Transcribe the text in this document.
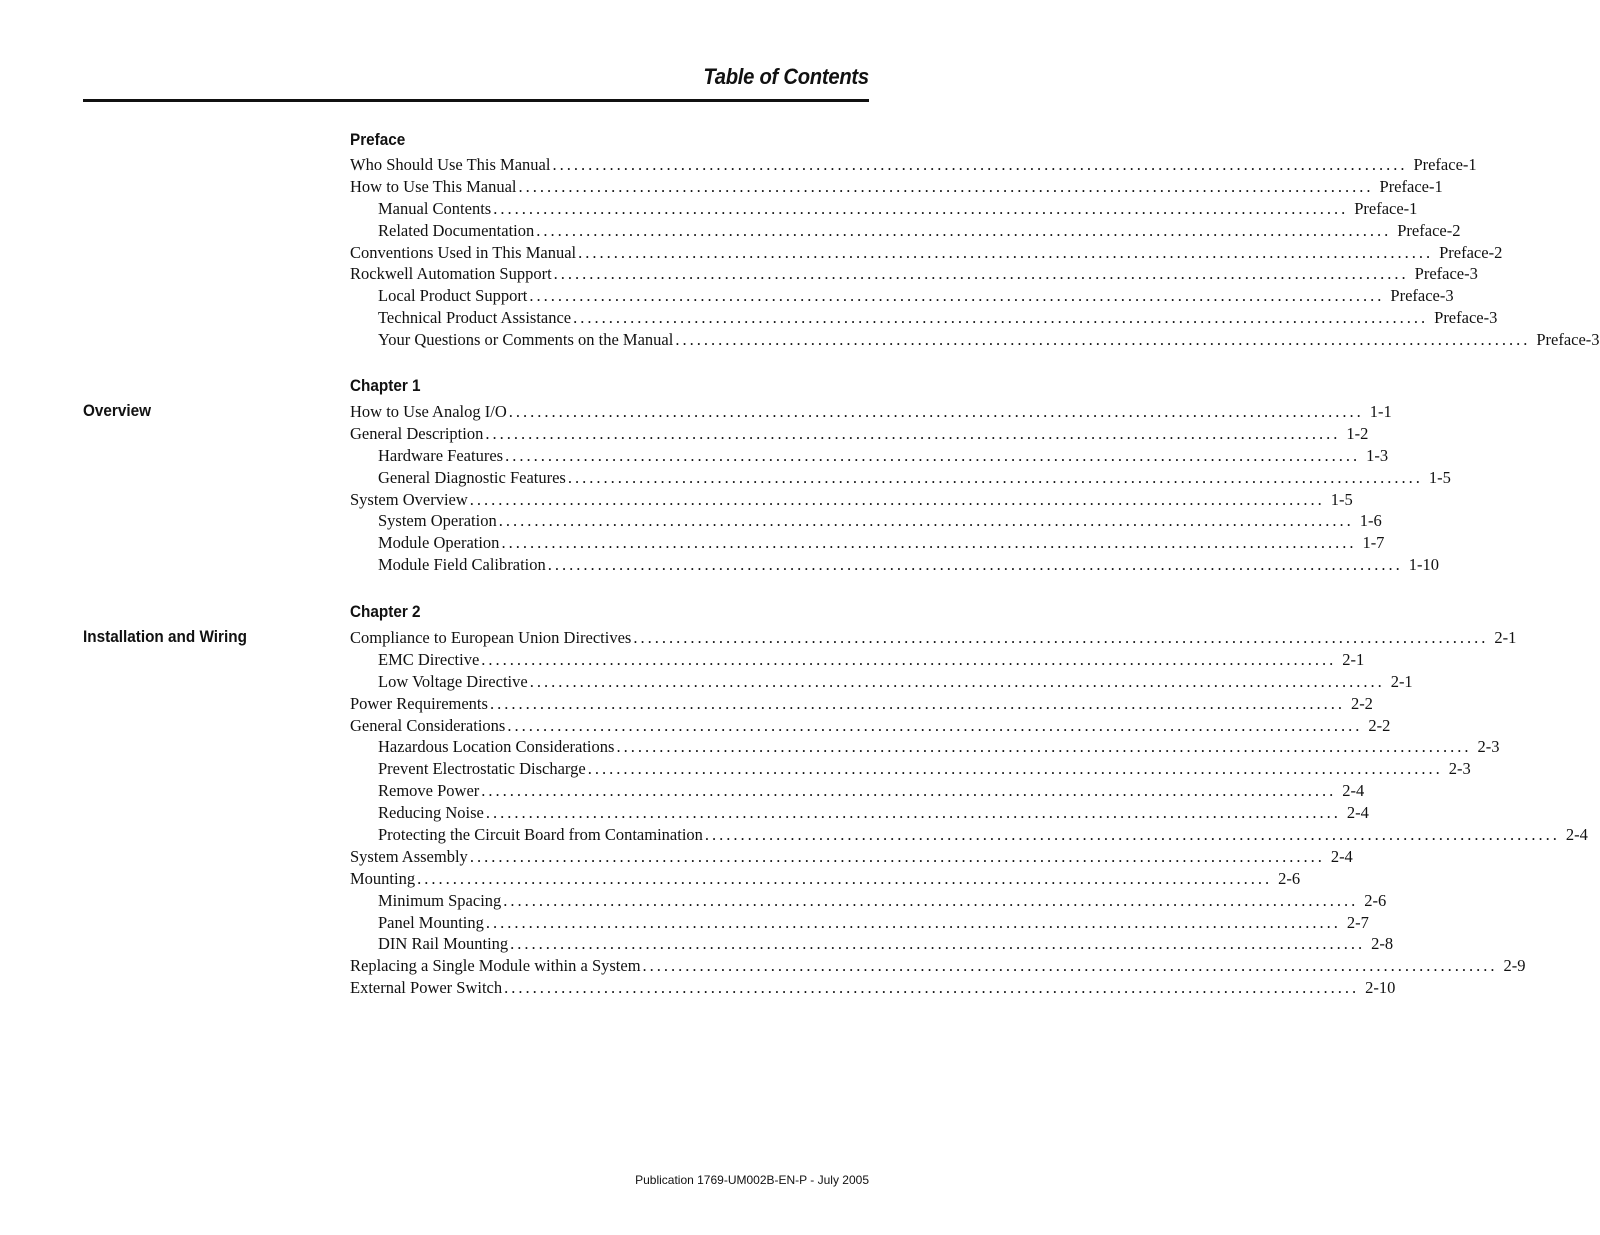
Table of Contents
Preface
Who Should Use This Manual ........................................................................................................................ Preface-1
How to Use This Manual ........................................................................................................................ Preface-1
Manual Contents ........................................................................................................................ Preface-1
Related Documentation ........................................................................................................................ Preface-2
Conventions Used in This Manual ........................................................................................................................ Preface-2
Rockwell Automation Support ........................................................................................................................ Preface-3
Local Product Support ........................................................................................................................ Preface-3
Technical Product Assistance ........................................................................................................................ Preface-3
Your Questions or Comments on the Manual ........................................................................................................................ Preface-3
Chapter 1
Overview	How to Use Analog I/O ........................................................................................................................ 1-1
General Description ........................................................................................................................ 1-2
Hardware Features ........................................................................................................................ 1-3
General Diagnostic Features ........................................................................................................................ 1-5
System Overview ........................................................................................................................ 1-5
System Operation ........................................................................................................................ 1-6
Module Operation ........................................................................................................................ 1-7
Module Field Calibration ........................................................................................................................ 1-10
Chapter 2
Installation and Wiring	Compliance to European Union Directives ........................................................................................................................ 2-1
EMC Directive ........................................................................................................................ 2-1
Low Voltage Directive ........................................................................................................................ 2-1
Power Requirements ........................................................................................................................ 2-2
General Considerations ........................................................................................................................ 2-2
Hazardous Location Considerations ........................................................................................................................ 2-3
Prevent Electrostatic Discharge ........................................................................................................................ 2-3
Remove Power ........................................................................................................................ 2-4
Reducing Noise ........................................................................................................................ 2-4
Protecting the Circuit Board from Contamination ........................................................................................................................ 2-4
System Assembly ........................................................................................................................ 2-4
Mounting ........................................................................................................................ 2-6
Minimum Spacing ........................................................................................................................ 2-6
Panel Mounting ........................................................................................................................ 2-7
DIN Rail Mounting ........................................................................................................................ 2-8
Replacing a Single Module within a System ........................................................................................................................ 2-9
External Power Switch ........................................................................................................................ 2-10
Publication 1769-UM002B-EN-P - July 2005
